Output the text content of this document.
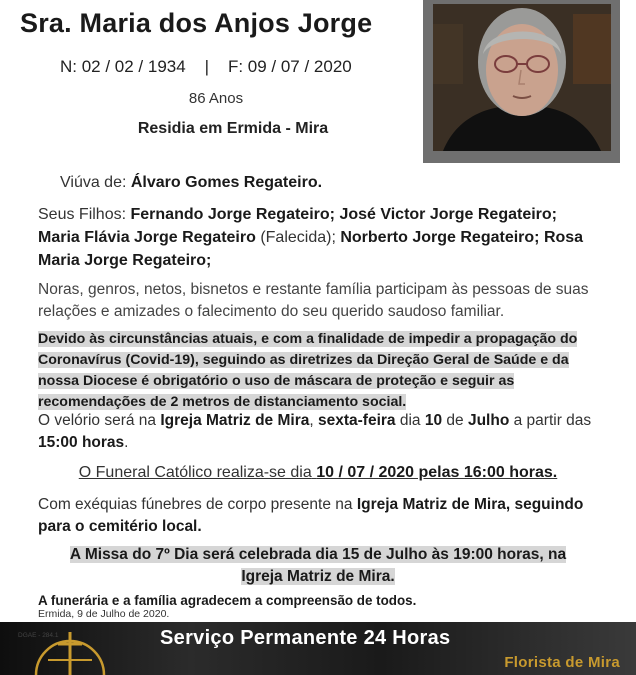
Sra. Maria dos Anjos Jorge
N: 02 / 02 / 1934 | F: 09 / 07 / 2020
86 Anos
Residia em Ermida - Mira
Viúva de: Álvaro Gomes Regateiro.
Seus Filhos: Fernando Jorge Regateiro; José Victor Jorge Regateiro; Maria Flávia Jorge Regateiro (Falecida); Norberto Jorge Regateiro; Rosa Maria Jorge Regateiro;
Noras, genros, netos, bisnetos e restante família participam às pessoas de suas relações e amizades o falecimento do seu querido saudoso familiar.
Devido às circunstâncias atuais, e com a finalidade de impedir a propagação do Coronavírus (Covid-19), seguindo as diretrizes da Direção Geral de Saúde e da nossa Diocese é obrigatório o uso de máscara de proteção e seguir as recomendações de 2 metros de distanciamento social.
O velório será na Igreja Matriz de Mira, sexta-feira dia 10 de Julho a partir das 15:00 horas.
O Funeral Católico realiza-se dia 10 / 07 / 2020 pelas 16:00 horas.
Com exéquias fúnebres de corpo presente na Igreja Matriz de Mira, seguindo para o cemitério local.
A Missa do 7º Dia será celebrada dia 15 de Julho às 19:00 horas, na
Igreja Matriz de Mira.
A funerária e a família agradecem a compreensão de todos.
Ermida, 9 de Julho de 2020.
Serviço Permanente 24 Horas
Florista de Mira
DGAE - 284.1
